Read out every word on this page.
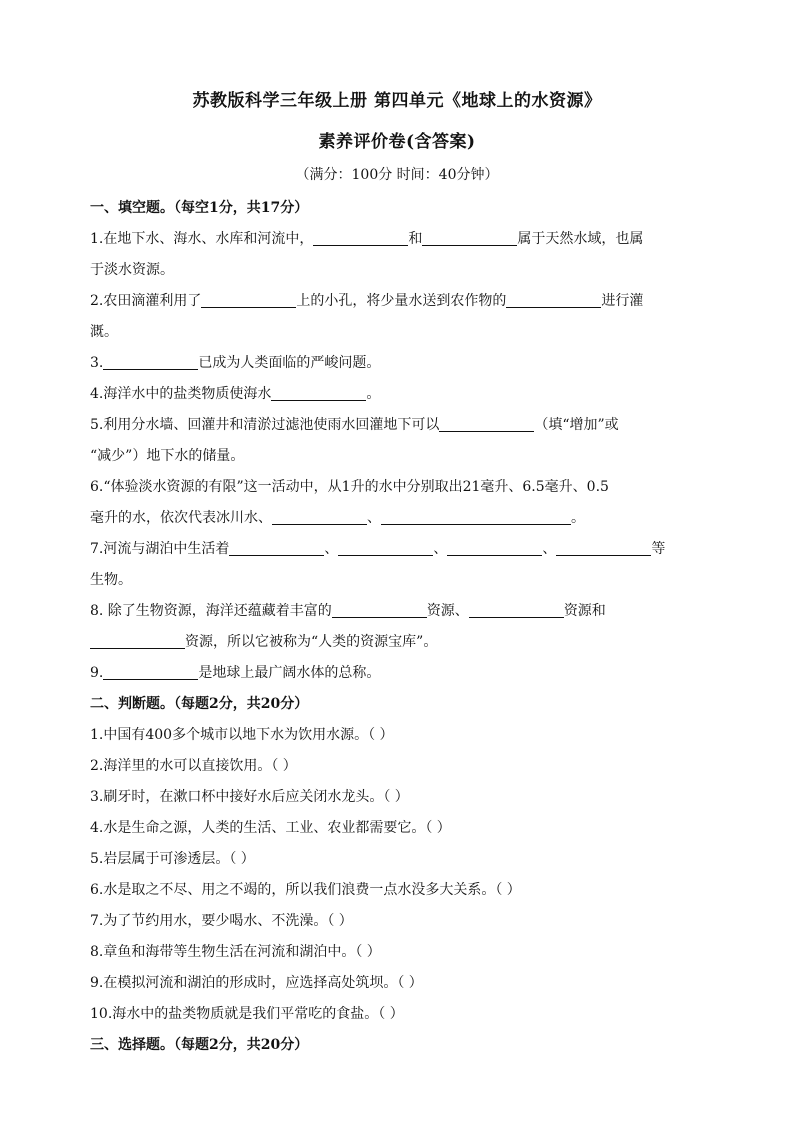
苏教版科学三年级上册 第四单元《地球上的水资源》
素养评价卷(含答案)
（满分：100分 时间：40分钟）
一、填空题。（每空1分，共17分）
1.在地下水、海水、水库和河流中，	和	属于天然水域，也属
于淡水资源。
2.农田滴灌利用了	上的小孔，将少量水送到农作物的	进行灌
溉。
3.	已成为人类面临的严峻问题。
4.海洋水中的盐类物质使海水	。
5.利用分水墙、回灌井和清淤过滤池使雨水回灌地下可以	（填“增加”或
“减少”）地下水的储量。
6.“体验淡水资源的有限”这一活动中，从1升的水中分别取出21毫升、6.5毫升、0.5
毫升的水，依次代表冰川水、	、	。
7.河流与湖泊中生活着	、	、	、	等
生物。
8. 除了生物资源，海洋还蕴藏着丰富的	资源、	资源和
资源，所以它被称为“人类的资源宝库”。
9.	是地球上最广阔水体的总称。
二、判断题。（每题2分，共20分）
1.中国有400多个城市以地下水为饮用水源。（ ）
2.海洋里的水可以直接饮用。（ ）
3.刷牙时，在漱口杯中接好水后应关闭水龙头。（ ）
4.水是生命之源，人类的生活、工业、农业都需要它。（ ）
5.岩层属于可渗透层。（ ）
6.水是取之不尽、用之不竭的，所以我们浪费一点水没多大关系。（ ）
7.为了节约用水，要少喝水、不洗澡。（ ）
8.章鱼和海带等生物生活在河流和湖泊中。（ ）
9.在模拟河流和湖泊的形成时，应选择高处筑坝。（ ）
10.海水中的盐类物质就是我们平常吃的食盐。（ ）
三、选择题。（每题2分，共20分）
